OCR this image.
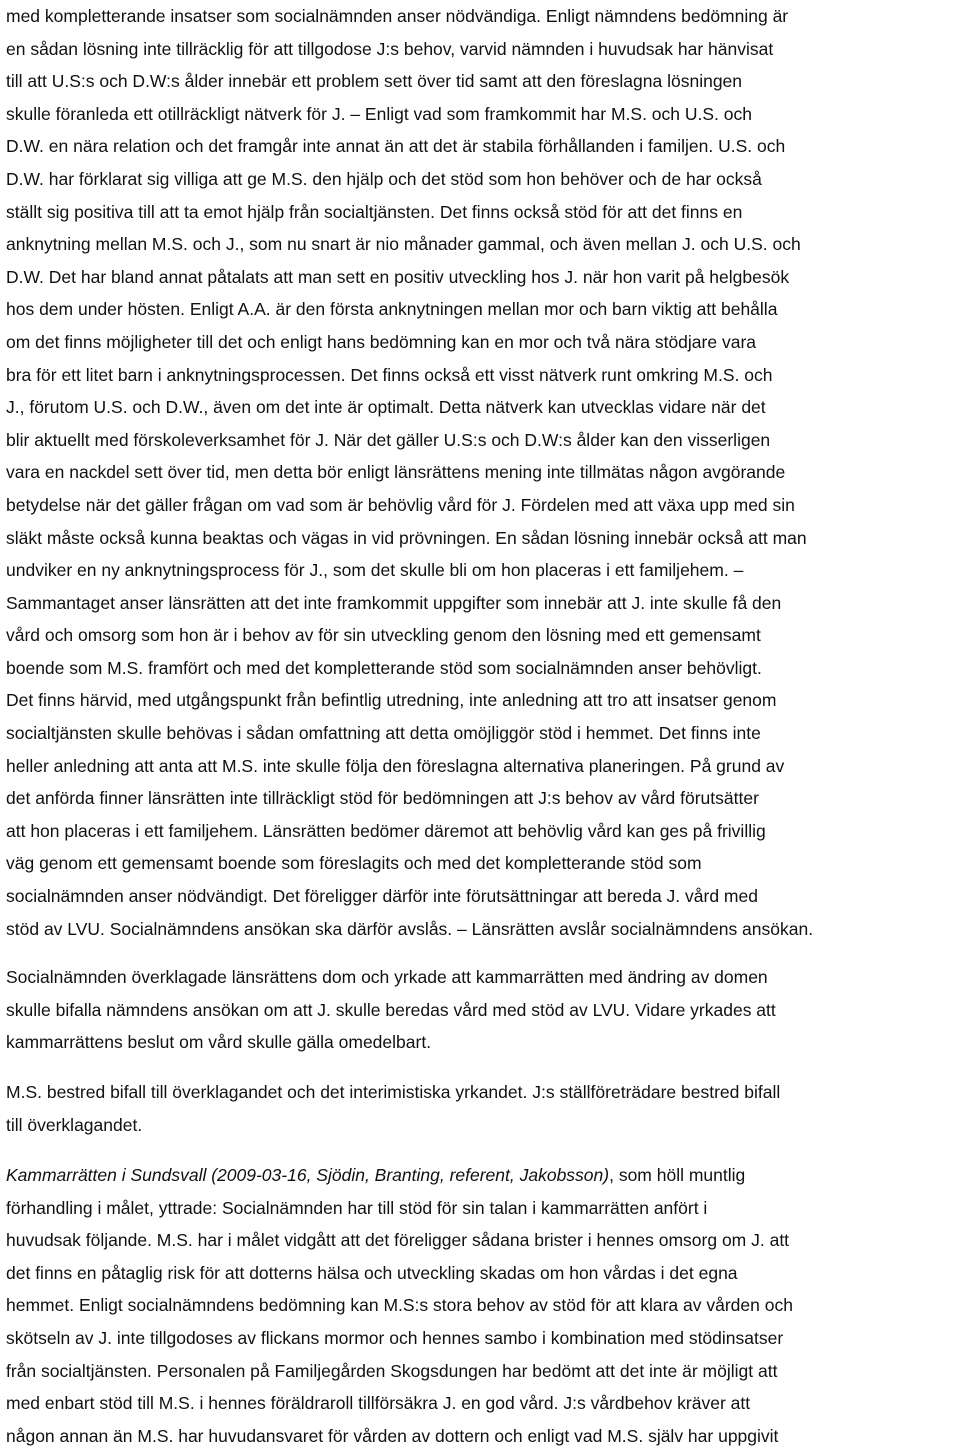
med kompletterande insatser som socialnämnden anser nödvändiga. Enligt nämndens bedömning är

en sådan lösning inte tillräcklig för att tillgodose J:s behov, varvid nämnden i huvudsak har hänvisat

till att U.S:s och D.W:s ålder innebär ett problem sett över tid samt att den föreslagna lösningen

skulle föranleda ett otillräckligt nätverk för J. – Enligt vad som framkommit har M.S. och U.S. och

D.W. en nära relation och det framgår inte annat än att det är stabila förhållanden i familjen. U.S. och

D.W. har förklarat sig villiga att ge M.S. den hjälp och det stöd som hon behöver och de har också

ställt sig positiva till att ta emot hjälp från socialtjänsten. Det finns också stöd för att det finns en

anknytning mellan M.S. och J., som nu snart är nio månader gammal, och även mellan J. och U.S. och

D.W. Det har bland annat påtalats att man sett en positiv utveckling hos J. när hon varit på helgbesök

hos dem under hösten. Enligt A.A. är den första anknytningen mellan mor och barn viktig att behålla

om det finns möjligheter till det och enligt hans bedömning kan en mor och två nära stödjare vara

bra för ett litet barn i anknytningsprocessen. Det finns också ett visst nätverk runt omkring M.S. och

J., förutom U.S. och D.W., även om det inte är optimalt. Detta nätverk kan utvecklas vidare när det

blir aktuellt med förskoleverksamhet för J. När det gäller U.S:s och D.W:s ålder kan den visserligen

vara en nackdel sett över tid, men detta bör enligt länsrättens mening inte tillmätas någon avgörande

betydelse när det gäller frågan om vad som är behövlig vård för J. Fördelen med att växa upp med sin

släkt måste också kunna beaktas och vägas in vid prövningen. En sådan lösning innebär också att man

undviker en ny anknytningsprocess för J., som det skulle bli om hon placeras i ett familjehem. –

Sammantaget anser länsrätten att det inte framkommit uppgifter som innebär att J. inte skulle få den

vård och omsorg som hon är i behov av för sin utveckling genom den lösning med ett gemensamt

boende som M.S. framfört och med det kompletterande stöd som socialnämnden anser behövligt.

Det finns härvid, med utgångspunkt från befintlig utredning, inte anledning att tro att insatser genom

socialtjänsten skulle behövas i sådan omfattning att detta omöjliggör stöd i hemmet. Det finns inte

heller anledning att anta att M.S. inte skulle följa den föreslagna alternativa planeringen. På grund av

det anförda finner länsrätten inte tillräckligt stöd för bedömningen att J:s behov av vård förutsätter

att hon placeras i ett familjehem. Länsrätten bedömer däremot att behövlig vård kan ges på frivillig

väg genom ett gemensamt boende som föreslagits och med det kompletterande stöd som

socialnämnden anser nödvändigt. Det föreligger därför inte förutsättningar att bereda J. vård med

stöd av LVU. Socialnämndens ansökan ska därför avslås. – Länsrätten avslår socialnämndens ansökan.

Socialnämnden överklagade länsrättens dom och yrkade att kammarrätten med ändring av domen

skulle bifalla nämndens ansökan om att J. skulle beredas vård med stöd av LVU. Vidare yrkades att

kammarrättens beslut om vård skulle gälla omedelbart.

M.S. bestred bifall till överklagandet och det interimistiska yrkandet. J:s ställföreträdare bestred bifall

till överklagandet.

Kammarrätten i Sundsvall (2009-03-16, Sjödin, Branting, referent, Jakobsson), som höll muntlig

förhandling i målet, yttrade: Socialnämnden har till stöd för sin talan i kammarrätten anfört i

huvudsak följande. M.S. har i målet vidgått att det föreligger sådana brister i hennes omsorg om J. att

det finns en påtaglig risk för att dotterns hälsa och utveckling skadas om hon vårdas i det egna

hemmet. Enligt socialnämndens bedömning kan M.S:s stora behov av stöd för att klara av vården och

skötseln av J. inte tillgodoses av flickans mormor och hennes sambo i kombination med stödinsatser

från socialtjänsten. Personalen på Familjegården Skogsdungen har bedömt att det inte är möjligt att

med enbart stöd till M.S. i hennes föräldraroll tillförsäkra J. en god vård. J:s vårdbehov kräver att

någon annan än M.S. har huvudansvaret för vården av dottern och enligt vad M.S. själv har uppgivit
